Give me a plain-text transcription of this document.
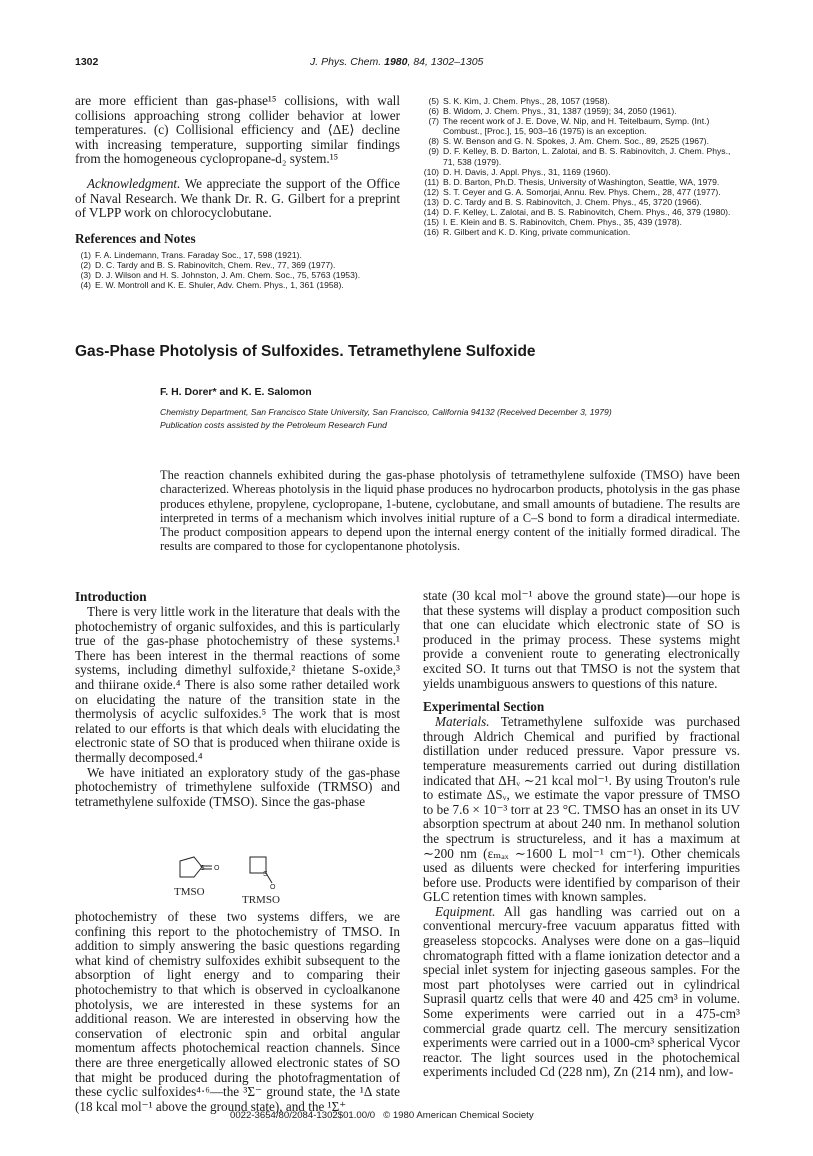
1302	J. Phys. Chem. 1980, 84, 1302–1305

are more efficient than gas-phase¹⁵ collisions, with wall collisions approaching strong collider behavior at lower temperatures. (c) Collisional efficiency and ⟨ΔE⟩ decline with increasing temperature, supporting similar findings from the homogeneous cyclopropane-d₂ system.¹⁵

Acknowledgment. We appreciate the support of the Office of Naval Research. We thank Dr. R. G. Gilbert for a preprint of VLPP work on chlorocyclobutane.

References and Notes
(1) F. A. Lindemann, Trans. Faraday Soc., 17, 598 (1921).
(2) D. C. Tardy and B. S. Rabinovitch, Chem. Rev., 77, 369 (1977).
(3) D. J. Wilson and H. S. Johnston, J. Am. Chem. Soc., 75, 5763 (1953).
(4) E. W. Montroll and K. E. Shuler, Adv. Chem. Phys., 1, 361 (1958).
(5) S. K. Kim, J. Chem. Phys., 28, 1057 (1958).
(6) B. Widom, J. Chem. Phys., 31, 1387 (1959); 34, 2050 (1961).
(7) The recent work of J. E. Dove, W. Nip, and H. Teitelbaum, Symp. (Int.) Combust., [Proc.], 15, 903–16 (1975) is an exception.
(8) S. W. Benson and G. N. Spokes, J. Am. Chem. Soc., 89, 2525 (1967).
(9) D. F. Kelley, B. D. Barton, L. Zalotai, and B. S. Rabinovitch, J. Chem. Phys., 71, 538 (1979).
(10) D. H. Davis, J. Appl. Phys., 31, 1169 (1960).
(11) B. D. Barton, Ph.D. Thesis, University of Washington, Seattle, WA, 1979.
(12) S. T. Ceyer and G. A. Somorjai, Annu. Rev. Phys. Chem., 28, 477 (1977).
(13) D. C. Tardy and B. S. Rabinovitch, J. Chem. Phys., 45, 3720 (1966).
(14) D. F. Kelley, L. Zalotai, and B. S. Rabinovitch, Chem. Phys., 46, 379 (1980).
(15) I. E. Klein and B. S. Rabinovitch, Chem. Phys., 35, 439 (1978).
(16) R. Gilbert and K. D. King, private communication.
Gas-Phase Photolysis of Sulfoxides. Tetramethylene Sulfoxide
F. H. Dorer* and K. E. Salomon
Chemistry Department, San Francisco State University, San Francisco, California 94132 (Received December 3, 1979)
Publication costs assisted by the Petroleum Research Fund
The reaction channels exhibited during the gas-phase photolysis of tetramethylene sulfoxide (TMSO) have been characterized. Whereas photolysis in the liquid phase produces no hydrocarbon products, photolysis in the gas phase produces ethylene, propylene, cyclopropane, 1-butene, cyclobutane, and small amounts of butadiene. The results are interpreted in terms of a mechanism which involves initial rupture of a C–S bond to form a diradical intermediate. The product composition appears to depend upon the internal energy content of the initially formed diradical. The results are compared to those for cyclopentanone photolysis.
Introduction

There is very little work in the literature that deals with the photochemistry of organic sulfoxides, and this is particularly true of the gas-phase photochemistry of these systems.¹ There has been interest in the thermal reactions of some systems, including dimethyl sulfoxide,² thietane S-oxide,³ and thiirane oxide.⁴ There is also some rather detailed work on elucidating the nature of the transition state in the thermolysis of acyclic sulfoxides.⁵ The work that is most related to our efforts is that which deals with elucidating the electronic state of SO that is produced when thiirane oxide is thermally decomposed.⁴

We have initiated an exploratory study of the gas-phase photochemistry of trimethylene sulfoxide (TRMSO) and tetramethylene sulfoxide (TMSO). Since the gas-phase

S O
TMSO
S
O
TRMSO

photochemistry of these two systems differs, we are confining this report to the photochemistry of TMSO. In addition to simply answering the basic questions regarding what kind of chemistry sulfoxides exhibit subsequent to the absorption of light energy and to comparing their photochemistry to that which is observed in cycloalkanone photolysis, we are interested in these systems for an additional reason. We are interested in observing how the conservation of electronic spin and orbital angular momentum affects photochemical reaction channels. Since there are three energetically allowed electronic states of SO that might be produced during the photofragmentation of these cyclic sulfoxides⁴·⁶—the ³Σ⁻ ground state, the ¹Δ state (18 kcal mol⁻¹ above the ground state), and the ¹Σ⁺

state (30 kcal mol⁻¹ above the ground state)—our hope is that these systems will display a product composition such that one can elucidate which electronic state of SO is produced in the primay process. These systems might provide a convenient route to generating electronically excited SO. It turns out that TMSO is not the system that yields unambiguous answers to questions of this nature.

Experimental Section

Materials. Tetramethylene sulfoxide was purchased through Aldrich Chemical and purified by fractional distillation under reduced pressure. Vapor pressure vs. temperature measurements carried out during distillation indicated that ΔHᵥ ∼21 kcal mol⁻¹. By using Trouton's rule to estimate ΔSᵥ, we estimate the vapor pressure of TMSO to be 7.6 × 10⁻³ torr at 23 °C. TMSO has an onset in its UV absorption spectrum at about 240 nm. In methanol solution the spectrum is structureless, and it has a maximum at ∼200 nm (εₘₐₓ ∼1600 L mol⁻¹ cm⁻¹). Other chemicals used as diluents were checked for interfering impurities before use. Products were identified by comparison of their GLC retention times with known samples.

Equipment. All gas handling was carried out on a conventional mercury-free vacuum apparatus fitted with greaseless stopcocks. Analyses were done on a gas–liquid chromatograph fitted with a flame ionization detector and a special inlet system for injecting gaseous samples. For the most part photolyses were carried out in cylindrical Suprasil quartz cells that were 40 and 425 cm³ in volume. Some experiments were carried out in a 475-cm³ commercial grade quartz cell. The mercury sensitization experiments were carried out in a 1000-cm³ spherical Vycor reactor. The light sources used in the photochemical experiments included Cd (228 nm), Zn (214 nm), and low-

0022-3654/80/2084-1302$01.00/0 © 1980 American Chemical Society
